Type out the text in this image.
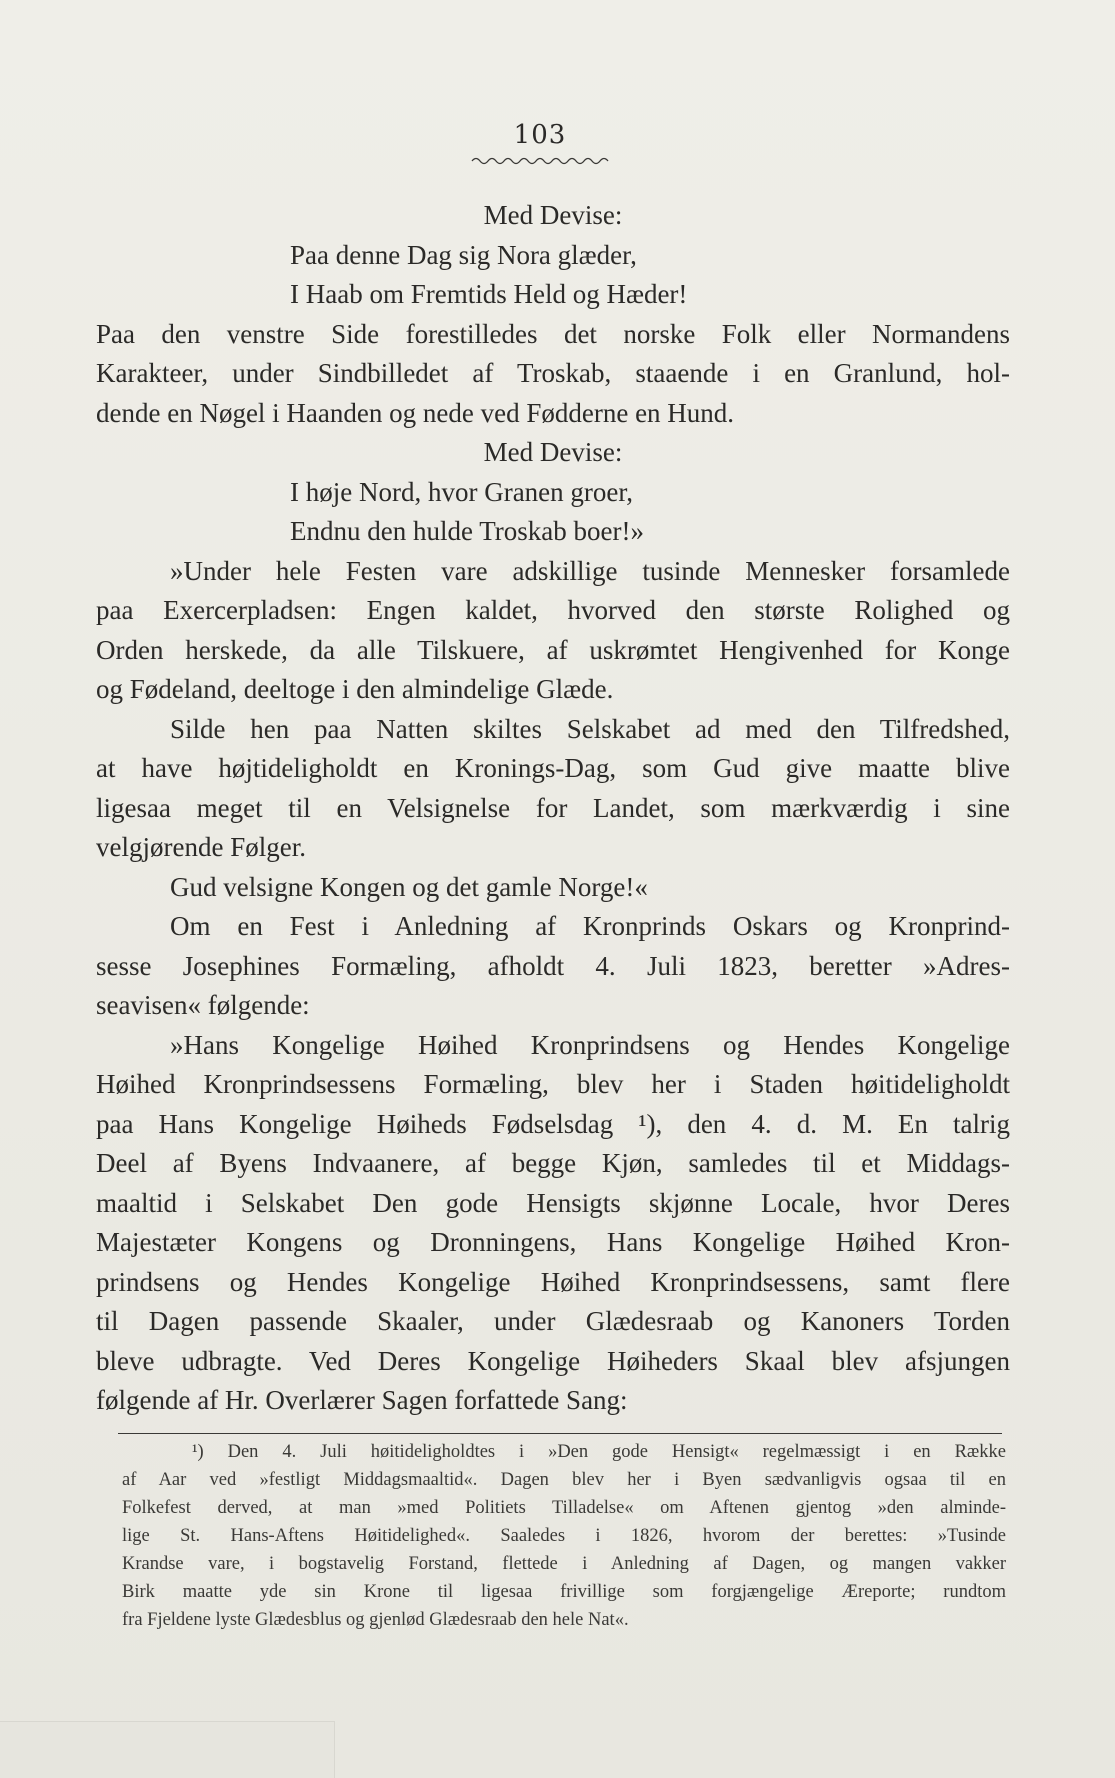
103
Med Devise:
Paa denne Dag sig Nora glæder,
I Haab om Fremtids Held og Hæder!
Paa den venstre Side forestilledes det norske Folk eller Normandens
Karakteer, under Sindbilledet af Troskab, staaende i en Granlund, hol-
dende en Nøgel i Haanden og nede ved Fødderne en Hund.
Med Devise:
I høje Nord, hvor Granen groer,
Endnu den hulde Troskab boer!»
»Under hele Festen vare adskillige tusinde Mennesker forsamlede
paa Exercerpladsen: Engen kaldet, hvorved den største Rolighed og
Orden herskede, da alle Tilskuere, af uskrømtet Hengivenhed for Konge
og Fødeland, deeltoge i den almindelige Glæde.
Silde hen paa Natten skiltes Selskabet ad med den Tilfredshed,
at have højtideligholdt en Kronings-Dag, som Gud give maatte blive
ligesaa meget til en Velsignelse for Landet, som mærkværdig i sine
velgjørende Følger.
Gud velsigne Kongen og det gamle Norge!«
Om en Fest i Anledning af Kronprinds Oskars og Kronprind-
sesse Josephines Formæling, afholdt 4. Juli 1823, beretter »Adres-
seavisen« følgende:
»Hans Kongelige Høihed Kronprindsens og Hendes Kongelige
Høihed Kronprindsessens Formæling, blev her i Staden høitideligholdt
paa Hans Kongelige Høiheds Fødselsdag ¹), den 4. d. M. En talrig
Deel af Byens Indvaanere, af begge Kjøn, samledes til et Middags-
maaltid i Selskabet Den gode Hensigts skjønne Locale, hvor Deres
Majestæter Kongens og Dronningens, Hans Kongelige Høihed Kron-
prindsens og Hendes Kongelige Høihed Kronprindsessens, samt flere
til Dagen passende Skaaler, under Glædesraab og Kanoners Torden
bleve udbragte. Ved Deres Kongelige Høiheders Skaal blev afsjungen
følgende af Hr. Overlærer Sagen forfattede Sang:
¹) Den 4. Juli høitideligholdtes i »Den gode Hensigt« regelmæssigt i en Række
af Aar ved »festligt Middagsmaaltid«. Dagen blev her i Byen sædvanligvis ogsaa til en
Folkefest derved, at man »med Politiets Tilladelse« om Aftenen gjentog »den alminde-
lige St. Hans-Aftens Høitidelighed«. Saaledes i 1826, hvorom der berettes: »Tusinde
Krandse vare, i bogstavelig Forstand, flettede i Anledning af Dagen, og mangen vakker
Birk maatte yde sin Krone til ligesaa frivillige som forgjængelige Æreporte; rundtom
fra Fjeldene lyste Glædesblus og gjenlød Glædesraab den hele Nat«.
